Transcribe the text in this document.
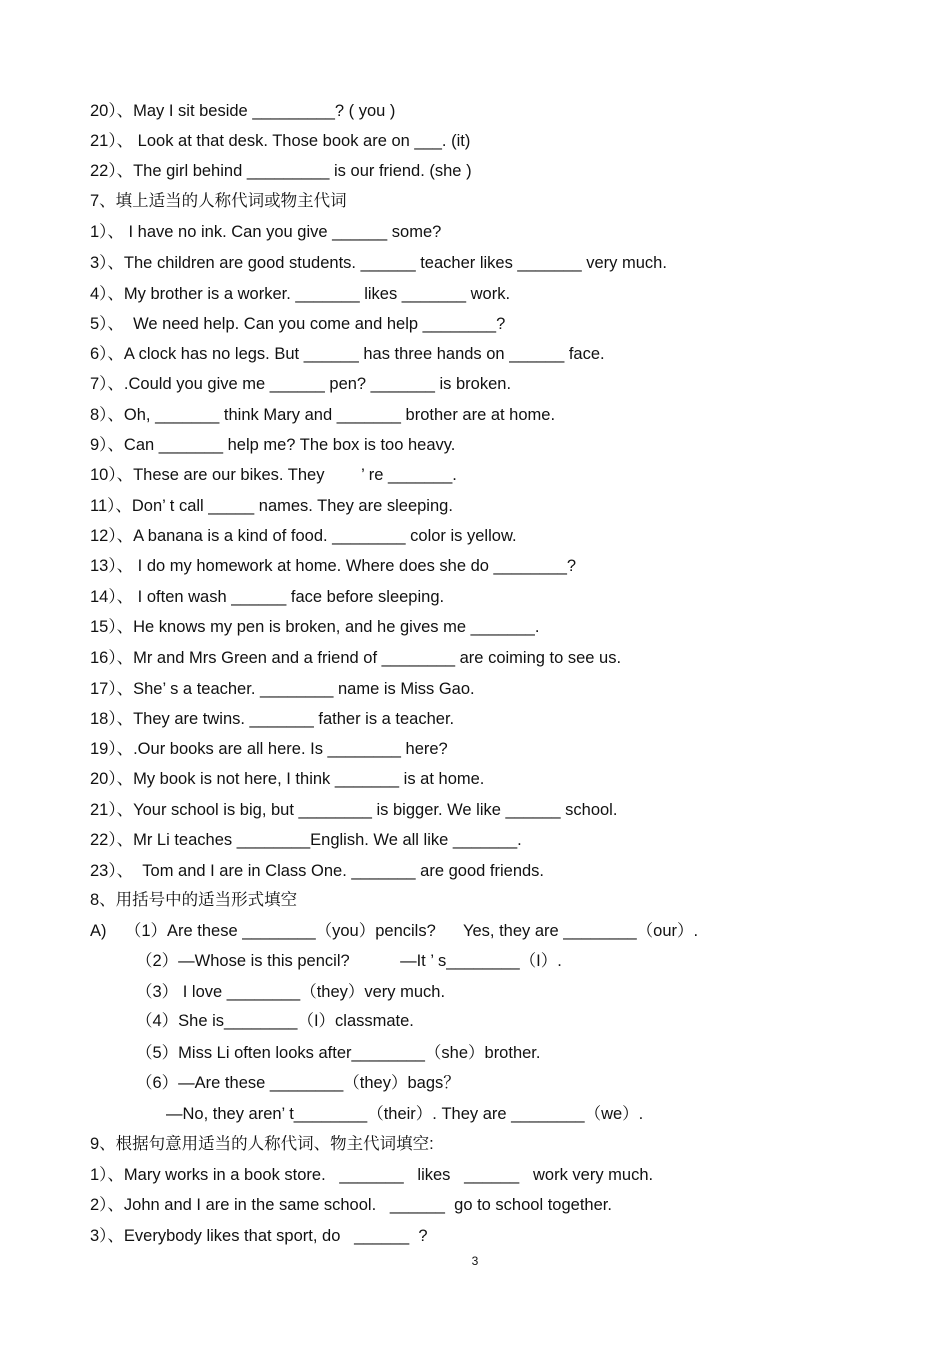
20）、May I sit beside _________? ( you )
21）、 Look at that desk. Those book are on ___. (it)
22）、The girl behind _________ is our friend. (she )
7、填上适当的人称代词或物主代词
1）、 I have no ink. Can you give ______ some?
3）、The children are good students. ______ teacher likes _______ very much.
4）、My brother is a worker. _______ likes _______ work.
5）、  We need help. Can you come and help ________?
6）、A clock has no legs. But ______ has three hands on ______ face.
7）、.Could you give me ______ pen? _______ is broken.
8）、Oh, _______ think Mary and _______ brother are at home.
9）、Can _______ help me? The box is too heavy.
10）、These are our bikes. They        ’ re _______.
11）、Don’ t call _____ names. They are sleeping.
12）、A banana is a kind of food. ________ color is yellow.
13）、 I do my homework at home. Where does she do ________?
14）、 I often wash ______ face before sleeping.
15）、He knows my pen is broken, and he gives me _______.
16）、Mr and Mrs Green and a friend of ________ are coiming to see us.
17）、She’ s a teacher. ________ name is Miss Gao.
18）、They are twins. _______ father is a teacher.
19）、.Our books are all here. Is ________ here?
20）、My book is not here, I think _______ is at home.
21）、Your school is big, but ________ is bigger. We like ______ school.
22）、Mr Li teaches ________English. We all like _______.
23）、  Tom and I are in Class One. _______ are good friends.
8、用括号中的适当形式填空
A)    （1）Are these ________（you）pencils?      Yes, they are ________（our）.
（2）—Whose is this pencil?           —It ’ s________（I）.
（3） I love ________（they）very much.
（4）She is________（I）classmate.
（5）Miss Li often looks after________（she）brother.
（6）—Are these ________（they）bags？
—No, they aren’ t________（their）. They are ________（we）.
9、根据句意用适当的人称代词、物主代词填空:
1）、Mary works in a book store.   _______   likes   ______   work very much.
2）、John and I are in the same school.   ______  go to school together.
3）、Everybody likes that sport, do   ______  ?
3
